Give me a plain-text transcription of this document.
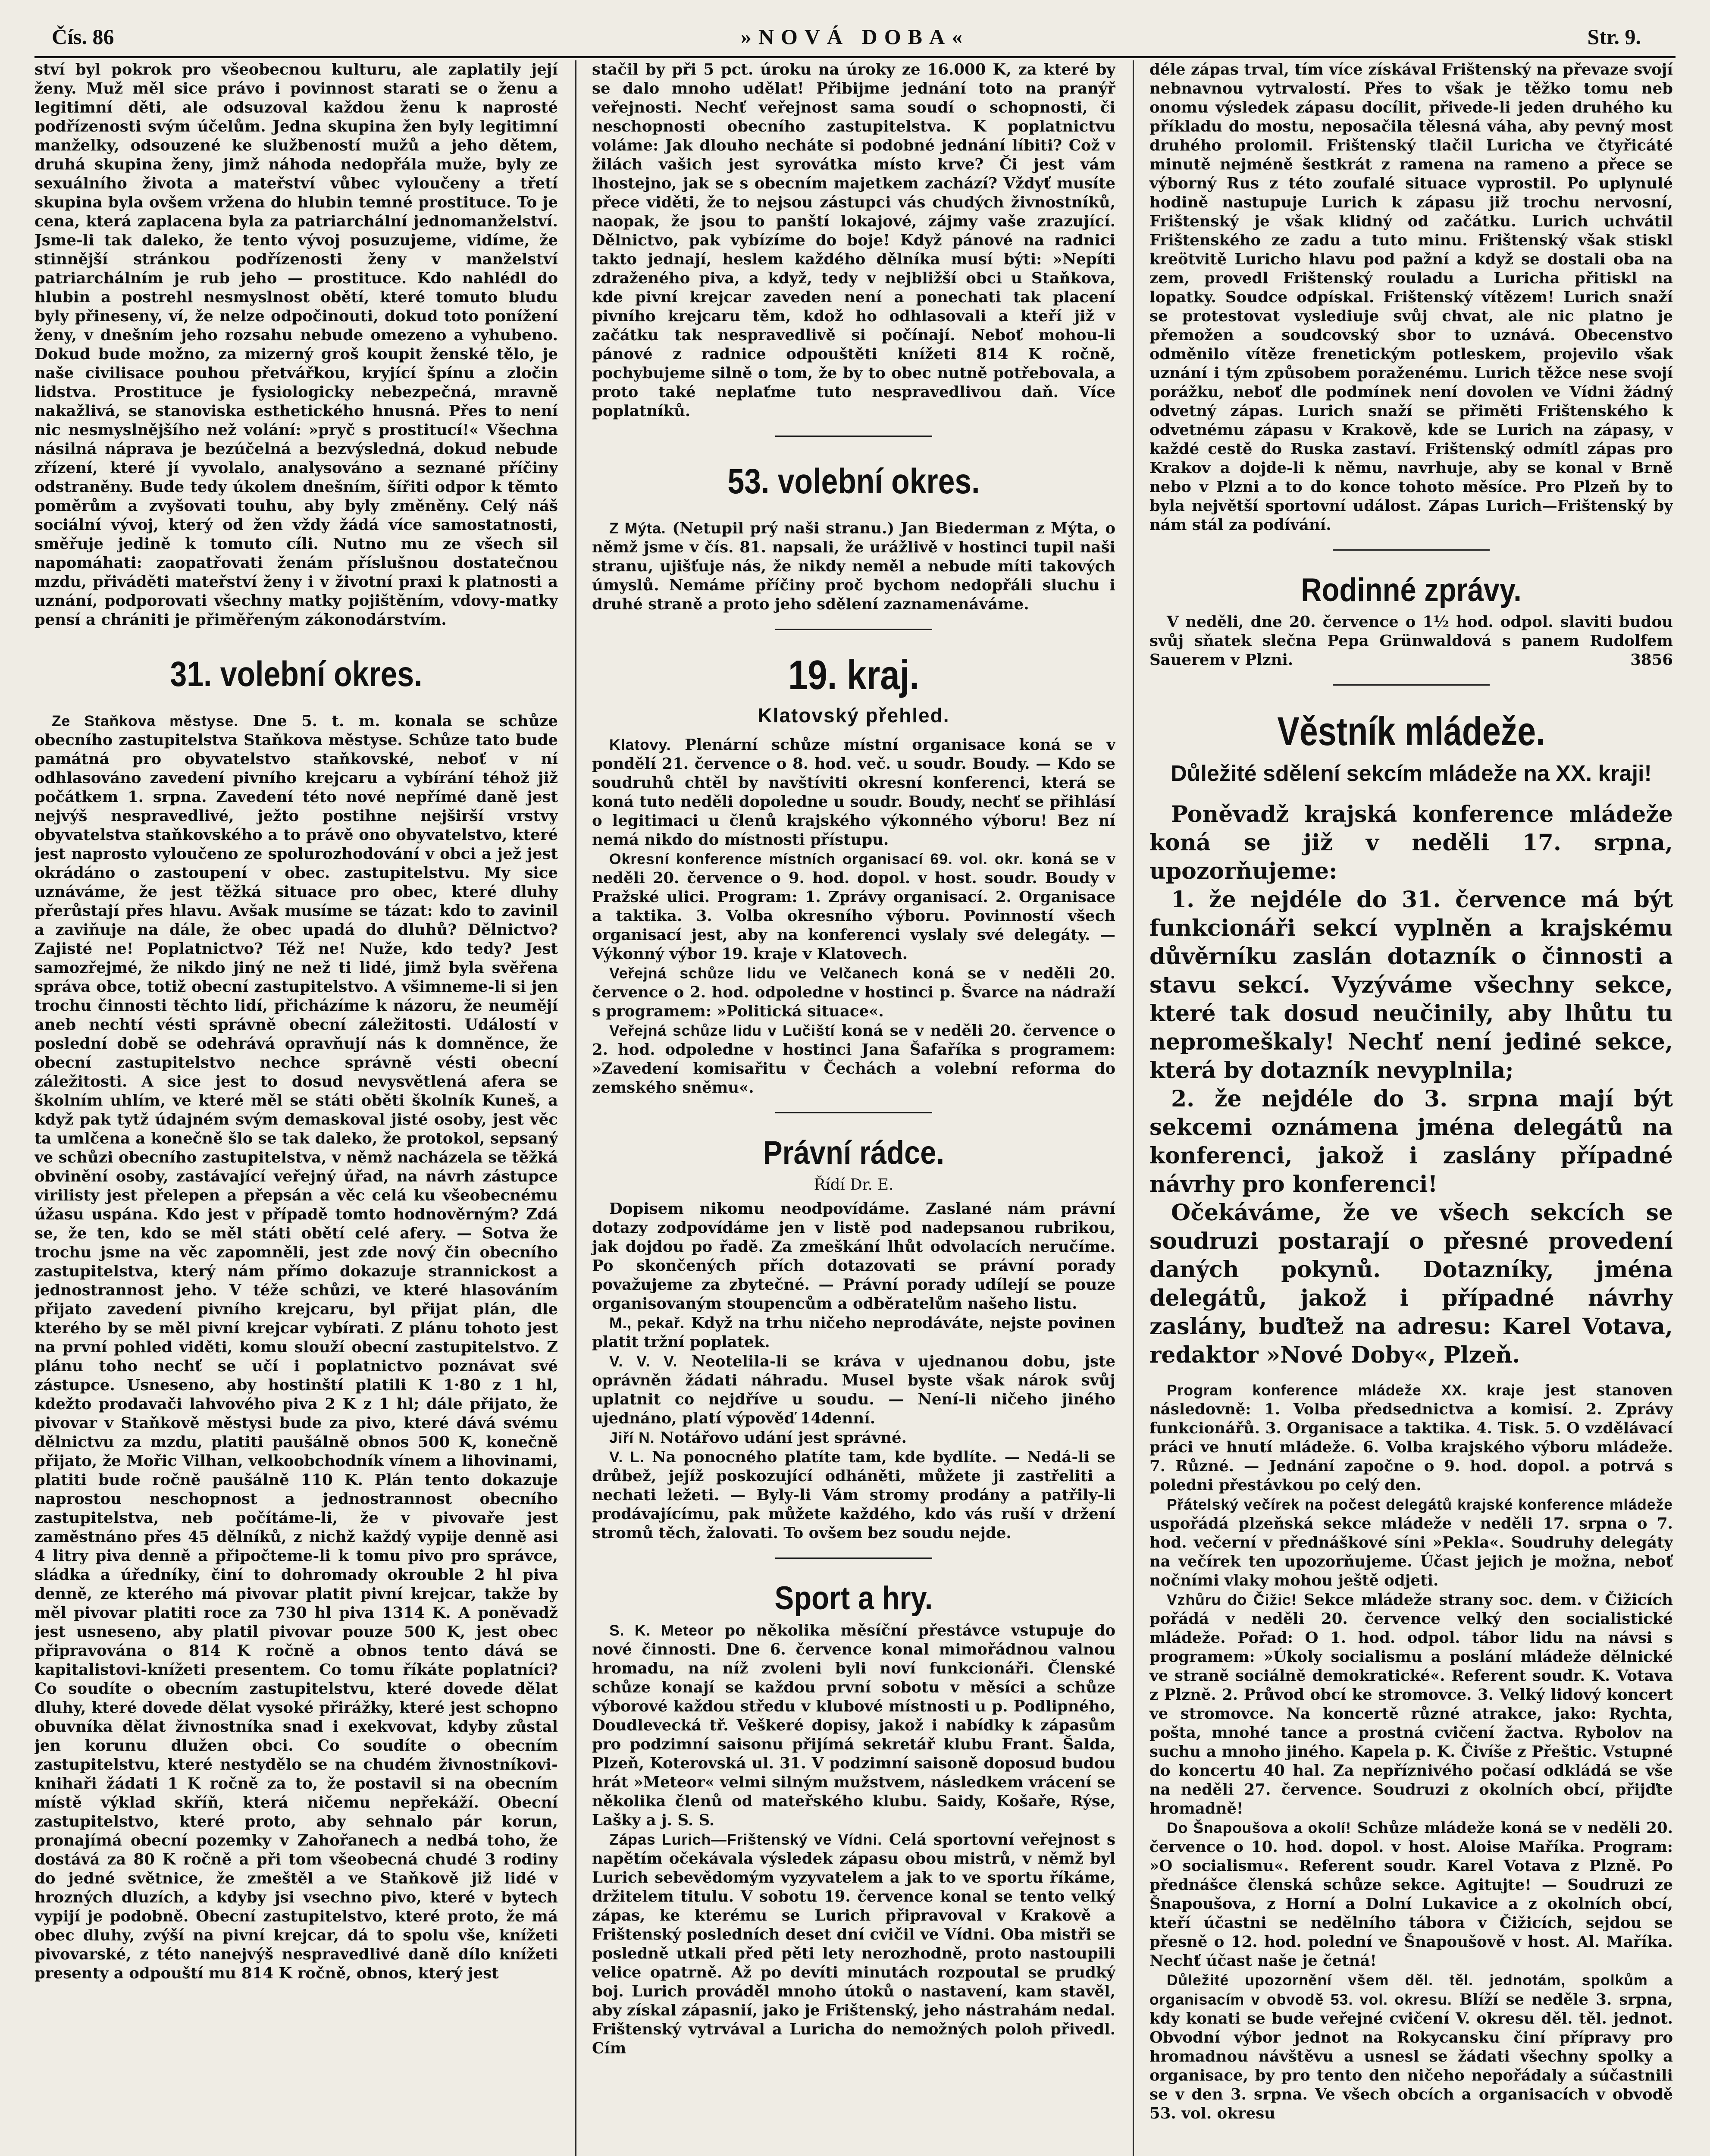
Čís. 86	»NOVÁ DOBA«	Str. 9.

ství byl pokrok pro všeobecnou kulturu, ale zaplatily její ženy. Muž měl sice právo i povinnost starati se o ženu a legitimní děti, ale odsuzoval každou ženu k naprosté podřízenosti svým účelům. Jedna skupina žen byly legitimní manželky, odsouzené ke službeností mužů a jeho dětem, druhá skupina ženy, jimž náhoda nedopřála muže, byly ze sexuálního života a mateřství vůbec vyloučeny a třetí skupina byla ovšem vržena do hlubin temné prostituce. To je cena, která zaplacena byla za patriarchální jednomanželství. Jsme-li tak daleko, že tento vývoj posuzujeme, vidíme, že stinnější stránkou podřízenosti ženy v manželství patriarchálním je rub jeho — prostituce. Kdo nahlédl do hlubin a postrehl nesmyslnost obětí, které tomuto bludu byly přineseny, ví, že nelze odpočinouti, dokud toto ponížení ženy, v dnešním jeho rozsahu nebude omezeno a vyhubeno. Dokud bude možno, za mizerný groš koupit ženské tělo, je naše civilisace pouhou přetvářkou, kryjící špínu a zločin lidstva. Prostituce je fysiologicky nebezpečná, mravně nakažlivá, se stanoviska esthetického hnusná. Přes to není nic nesmyslnějšího než volání: »pryč s prostitucí!« Všechna násilná náprava je bezúčelná a bezvýsledná, dokud nebude zřízení, které jí vyvolalo, analysováno a seznané příčiny odstraněny. Bude tedy úkolem dnešním, šířiti odpor k těmto poměrům a zvyšovati touhu, aby byly změněny. Celý náš sociální vývoj, který od žen vždy žádá více samostatnosti, směřuje jedině k tomuto cíli. Nutno mu ze všech sil napomáhati: zaopatřovati ženám příslušnou dostatečnou mzdu, přiváděti mateřství ženy i v životní praxi k platnosti a uznání, podporovati všechny matky pojištěním, vdovy-matky pensí a chrániti je přiměřeným zákonodárstvím.

31. volební okres.

Ze Staňkova městyse. Dne 5. t. m. konala se schůze obecního zastupitelstva Staňkova městyse. Schůze tato bude památná pro obyvatelstvo staňkovské, neboť v ní odhlasováno zavedení pivního krejcaru a vybírání téhož již počátkem 1. srpna. Zavedení této nové nepřímé daně jest nejvýš nespravedlivé, ježto postihne nejširší vrstvy obyvatelstva staňkovského a to právě ono obyvatelstvo, které jest naprosto vyloučeno ze spolurozhodování v obci a jež jest okrádáno o zastoupení v obec. zastupitelstvu. My sice uznáváme, že jest těžká situace pro obec, které dluhy přerůstají přes hlavu. Avšak musíme se tázat: kdo to zavinil a zaviňuje na dále, že obec upadá do dluhů? Dělnictvo? Zajisté ne! Poplatnictvo? Též ne! Nuže, kdo tedy? Jest samozřejmé, že nikdo jiný ne než ti lidé, jimž byla svěřena správa obce, totiž obecní zastupitelstvo. A všimneme-li si jen trochu činnosti těchto lidí, přicházíme k názoru, že neumějí aneb nechtí vésti správně obecní záležitosti. Událostí v poslední době se odehrává opravňují nás k domněnce, že obecní zastupitelstvo nechce správně vésti obecní záležitosti. A sice jest to dosud nevysvětlená afera se školním uhlím, ve které měl se státi oběti školník Kuneš, a když pak tytž údajném svým demaskoval jisté osoby, jest věc ta umlčena a konečně šlo se tak daleko, že protokol, sepsaný ve schůzi obecního zastupitelstva, v němž nacházela se těžká obvinění osoby, zastávající veřejný úřad, na návrh zástupce virilisty jest přelepen a přepsán a věc celá ku všeobecnému úžasu uspána. Kdo jest v případě tomto hodnověrným? Zdá se, že ten, kdo se měl státi obětí celé afery. — Sotva že trochu jsme na věc zapomněli, jest zde nový čin obecního zastupitelstva, který nám přímo dokazuje strannickost a jednostrannost jeho. V téže schůzi, ve které hlasováním přijato zavedení pivního krejcaru, byl přijat plán, dle kterého by se měl pivní krejcar vybírati. Z plánu tohoto jest na první pohled viděti, komu slouží obecní zastupitelstvo. Z plánu toho nechť se učí i poplatnictvo poznávat své zástupce. Usneseno, aby hostinští platili K 1·80 z 1 hl, kdežto prodavači lahvového piva 2 K z 1 hl; dále přijato, že pivovar v Staňkově městysi bude za pivo, které dává svému dělnictvu za mzdu, platiti paušálně obnos 500 K, konečně přijato, že Mořic Vilhan, velkoobchodník vínem a lihovinami, platiti bude ročně paušálně 110 K. Plán tento dokazuje naprostou neschopnost a jednostrannost obecního zastupitelstva, neb počítáme-li, že v pivovaře jest zaměstnáno přes 45 dělníků, z nichž každý vypije denně asi 4 litry piva denně a připočteme-li k tomu pivo pro správce, sládka a úředníky, činí to dohromady okrouble 2 hl piva denně, ze kterého má pivovar platit pivní krejcar, takže by měl pivovar platiti roce za 730 hl piva 1314 K. A poněvadž jest usneseno, aby platil pivovar pouze 500 K, jest obec připravována o 814 K ročně a obnos tento dává se kapitalistovi-knížeti presentem. Co tomu říkáte poplatníci? Co soudíte o obecním zastupitelstvu, které dovede dělat dluhy, které dovede dělat vysoké přirážky, které jest schopno obuvníka dělat živnostníka snad i exekvovat, kdyby zůstal jen korunu dlužen obci. Co soudíte o obecním zastupitelstvu, které nestydělo se na chudém živnostníkovi-knihaři žádati 1 K ročně za to, že postavil si na obecním místě výklad skříň, která ničemu nepřekáží. Obecní zastupitelstvo, které proto, aby sehnalo pár korun, pronajímá obecní pozemky v Zahořanech a nedbá toho, že dostává za 80 K ročně a při tom všeobecná chudé 3 rodiny do jedné světnice, že zmeštěl a ve Staňkově již lidé v hrozných dluzích, a kdyby jsi vsechno pivo, které v bytech vypijí je podobně. Obecní zastupitelstvo, které proto, že má obec dluhy, zvýší na pivní krejcar, dá to spolu vše, knížeti pivovarské, z této nanejvýš nespravedlivé daně dílo knížeti presenty a odpouští mu 814 K ročně, obnos, který jest

stačil by při 5 pct. úroku na úroky ze 16.000 K, za které by se dalo mnoho udělat! Přibijme jednání toto na pranýř veřejnosti. Nechť veřejnost sama soudí o schopnosti, či neschopnosti obecního zastupitelstva. K poplatnictvu voláme: Jak dlouho necháte si podobné jednání líbiti? Což v žilách vašich jest syrovátka místo krve? Či jest vám lhostejno, jak se s obecním majetkem zachází? Vždyť musíte přece viděti, že to nejsou zástupci vás chudých živnostníků, naopak, že jsou to panští lokajové, zájmy vaše zrazující. Dělnictvo, pak vybízíme do boje! Když pánové na radnici takto jednají, heslem každého dělníka musí býti: »Nepíti zdraženého piva, a když, tedy v nejbližší obci u Staňkova, kde pivní krejcar zaveden není a ponechati tak placení pivního krejcaru těm, kdož ho odhlasovali a kteří již v začátku tak nespravedlivě si počínají. Neboť mohou-li pánové z radnice odpouštěti knížeti 814 K ročně, pochybujeme silně o tom, že by to obec nutně potřebovala, a proto také neplaťme tuto nespravedlivou daň. Více poplatníků.

53. volební okres.

Z Mýta. (Netupil prý naši stranu.) Jan Biederman z Mýta, o němž jsme v čís. 81. napsali, že urážlivě v hostinci tupil naši stranu, ujišťuje nás, že nikdy neměl a nebude míti takových úmyslů. Nemáme příčiny proč bychom nedopřáli sluchu i druhé straně a proto jeho sdělení zaznamenáváme.

19. kraj.
Klatovský přehled.

Klatovy. Plenární schůze místní organisace koná se v pondělí 21. července o 8. hod. več. u soudr. Boudy. — Kdo se soudruhů chtěl by navštíviti okresní konferenci, která se koná tuto neděli dopoledne u soudr. Boudy, nechť se přihlásí o legitimaci u členů krajského výkonného výboru! Bez ní nemá nikdo do místnosti přístupu.

Okresní konference místních organisací 69. vol. okr. koná se v neděli 20. července o 9. hod. dopol. v host. soudr. Boudy v Pražské ulici. Program: 1. Zprávy organisací. 2. Organisace a taktika. 3. Volba okresního výboru. Povinností všech organisací jest, aby na konferenci vyslaly své delegáty. — Výkonný výbor 19. kraje v Klatovech.

Veřejná schůze lidu ve Velčanech koná se v neděli 20. července o 2. hod. odpoledne v hostinci p. Švarce na nádraží s programem: »Politická situace«.

Veřejná schůze lidu v Lučiští koná se v neděli 20. července o 2. hod. odpoledne v hostinci Jana Šafaříka s programem: »Zavedení komisařitu v Čechách a volební reforma do zemského sněmu«.

Právní rádce.
Řídí Dr. E.

Dopisem nikomu neodpovídáme. Zaslané nám právní dotazy zodpovídáme jen v listě pod nadepsanou rubrikou, jak dojdou po řadě. Za zmeškání lhůt odvolacích neručíme. Po skončených přích dotazovati se právní porady považujeme za zbytečné. — Právní porady udílejí se pouze organisovaným stoupencům a odběratelům našeho listu.

M., pekař. Když na trhu ničeho neprodáváte, nejste povinen platit tržní poplatek.

V. V. V. Neotelila-li se kráva v ujednanou dobu, jste oprávněn žádati náhradu. Musel byste však nárok svůj uplatnit co nejdříve u soudu. — Není-li ničeho jiného ujednáno, platí výpověď 14denní.

Jiří N. Notářovo udání jest správné.

V. L. Na ponocného platíte tam, kde bydlíte. — Nedá-li se drůbež, jejíž poskozující odháněti, můžete ji zastřeliti a nechati ležeti. — Byly-li Vám stromy prodány a patřily-li prodávajícímu, pak můžete každého, kdo vás ruší v držení stromů těch, žalovati. To ovšem bez soudu nejde.

Sport a hry.

S. K. Meteor po několika měsíční přestávce vstupuje do nové činnosti. Dne 6. července konal mimořádnou valnou hromadu, na níž zvoleni byli noví funkcionáři. Členské schůze konají se každou první sobotu v měsíci a schůze výborové každou středu v klubové místnosti u p. Podlipného, Doudlevecká tř. Veškeré dopisy, jakož i nabídky k zápasům pro podzimní saisonu přijímá sekretář klubu Frant. Šalda, Plzeň, Koterovská ul. 31. V podzimní saisoně doposud budou hrát »Meteor« velmi silným mužstvem, následkem vrácení se několika členů od mateřského klubu. Saidy, Košaře, Rýse, Lašky a j. S. S.

Zápas Lurich—Frištenský ve Vídni. Celá sportovní veřejnost s napětím očekávala výsledek zápasu obou mistrů, v němž byl Lurich sebevědomým vyzyvatelem a jak to ve sportu říkáme, držitelem titulu. V sobotu 19. července konal se tento velký zápas, ke kterému se Lurich připravoval v Krakově a Frištenský posledních deset dní cvičil ve Vídni. Oba mistři se posledně utkali před pěti lety nerozhodně, proto nastoupili velice opatrně. Až po devíti minutách rozpoutal se prudký boj. Lurich prováděl mnoho útoků o nastavení, kam stavěl, aby získal zápasnií, jako je Frištenský, jeho nástrahám nedal. Frištenský vytrvával a Luricha do nemožných poloh přivedl. Cím

déle zápas trval, tím více získával Frištenský na převaze svojí nebnavnou vytrvalostí. Přes to však je těžko tomu neb onomu výsledek zápasu docílit, přivede-li jeden druhého ku příkladu do mostu, neposačila tělesná váha, aby pevný most druhého prolomil. Frištenský tlačil Luricha ve čtyřicáté minutě nejméně šestkrát z ramena na rameno a přece se výborný Rus z této zoufalé situace vyprostil. Po uplynulé hodině nastupuje Lurich k zápasu již trochu nervosní, Frištenský je však klidný od začátku. Lurich uchvátil Frištenského ze zadu a tuto minu. Frištenský však stiskl kreötvitě Luricho hlavu pod pažní a když se dostali oba na zem, provedl Frištenský rouladu a Luricha přitiskl na lopatky. Soudce odpískal. Frištenský vítězem! Lurich snaží se protestovat vyslediuje svůj chvat, ale nic platno je přemožen a soudcovský sbor to uznává. Obecenstvo odměnilo vítěze frenetickým potleskem, projevilo však uznání i tým způsobem poraženému. Lurich těžce nese svojí porážku, neboť dle podmínek není dovolen ve Vídni žádný odvetný zápas. Lurich snaží se přiměti Frištenského k odvetnému zápasu v Krakově, kde se Lurich na zápasy, v každé cestě do Ruska zastaví. Frištenský odmítl zápas pro Krakov a dojde-li k němu, navrhuje, aby se konal v Brně nebo v Plzni a to do konce tohoto měsíce. Pro Plzeň by to byla největší sportovní událost. Zápas Lurich—Frištenský by nám stál za podívání.

Rodinné zprávy.

V neděli, dne 20. července o 1½ hod. odpol. slaviti budou svůj sňatek slečna Pepa Grünwaldová s panem Rudolfem Sauerem v Plzni.	3856

Věstník mládeže.
Důležité sdělení sekcím mládeže na XX. kraji!

Poněvadž krajská konference mládeže koná se již v neděli 17. srpna, upozorňujeme:

1. že nejdéle do 31. července má být funkcionáři sekcí vyplněn a krajskému důvěrníku zaslán dotazník o činnosti a stavu sekcí. Vyzýváme všechny sekce, které tak dosud neučinily, aby lhůtu tu nepromeškaly! Nechť není jediné sekce, která by dotazník nevyplnila;

2. že nejdéle do 3. srpna mají být sekcemi oznámena jména delegátů na konferenci, jakož i zaslány případné návrhy pro konferenci!

Očekáváme, že ve všech sekcích se soudruzi postarají o přesné provedení daných pokynů. Dotazníky, jména delegátů, jakož i případné návrhy zaslány, buďtež na adresu: Karel Votava, redaktor »Nové Doby«, Plzeň.

Program konference mládeže XX. kraje jest stanoven následovně: 1. Volba předsednictva a komisí. 2. Zprávy funkcionářů. 3. Organisace a taktika. 4. Tisk. 5. O vzdělávací práci ve hnutí mládeže. 6. Volba krajského výboru mládeže. 7. Různé. — Jednání započne o 9. hod. dopol. a potrvá s poledni přestávkou po celý den.

Přátelský večírek na počest delegátů krajské konference mládeže uspořádá plzeňská sekce mládeže v neděli 17. srpna o 7. hod. večerní v přednáškové síni »Peklа«. Soudruhy delegáty na večírek ten upozorňujeme. Účast jejich je možna, neboť nočními vlaky mohou ještě odjeti.

Vzhůru do Čižic! Sekce mládeže strany soc. dem. v Čižicích pořádá v neděli 20. července velký den socialistické mládeže. Pořad: O 1. hod. odpol. tábor lidu na návsi s programem: »Úkoly socialismu a poslání mládeže dělnické ve straně sociálně demokratické«. Referent soudr. K. Votava z Plzně. 2. Průvod obcí ke stromovce. 3. Velký lidový koncert ve stromovce. Na koncertě různé atrakce, jako: Rychta, pošta, mnohé tance a prostná cvičení žactva. Rybolov na suchu a mnoho jiného. Kapela p. K. Čivíše z Přeštic. Vstupné do koncertu 40 hal. Za nepříznivého počasí odkládá se vše na neděli 27. července. Soudruzi z okolních obcí, přijďte hromadně!

Do Šnapoušova a okolí! Schůze mládeže koná se v neděli 20. července o 10. hod. dopol. v host. Aloise Maříka. Program: »O socialismu«. Referent soudr. Karel Votava z Plzně. Po přednášce členská schůze sekce. Agitujte! — Soudruzi ze Šnapoušova, z Horní a Dolní Lukavice a z okolních obcí, kteří účastni se nedělního tábora v Čižicích, sejdou se přesně o 12. hod. polední ve Šnapoušově v host. Al. Maříka. Nechť účast naše je četná!

Důležité upozornění všem děl. těl. jednotám, spolkům a organisacím v obvodě 53. vol. okresu. Blíží se neděle 3. srpna, kdy konati se bude veřejné cvičení V. okresu děl. těl. jednot. Obvodní výbor jednot na Rokycansku činí přípravy pro hromadnou návštěvu a usnesl se žádati všechny spolky a organisace, by pro tento den ničeho nepořádaly a súčastnili se v den 3. srpna. Ve všech obcích a organisacích v obvodě 53. vol. okresu
